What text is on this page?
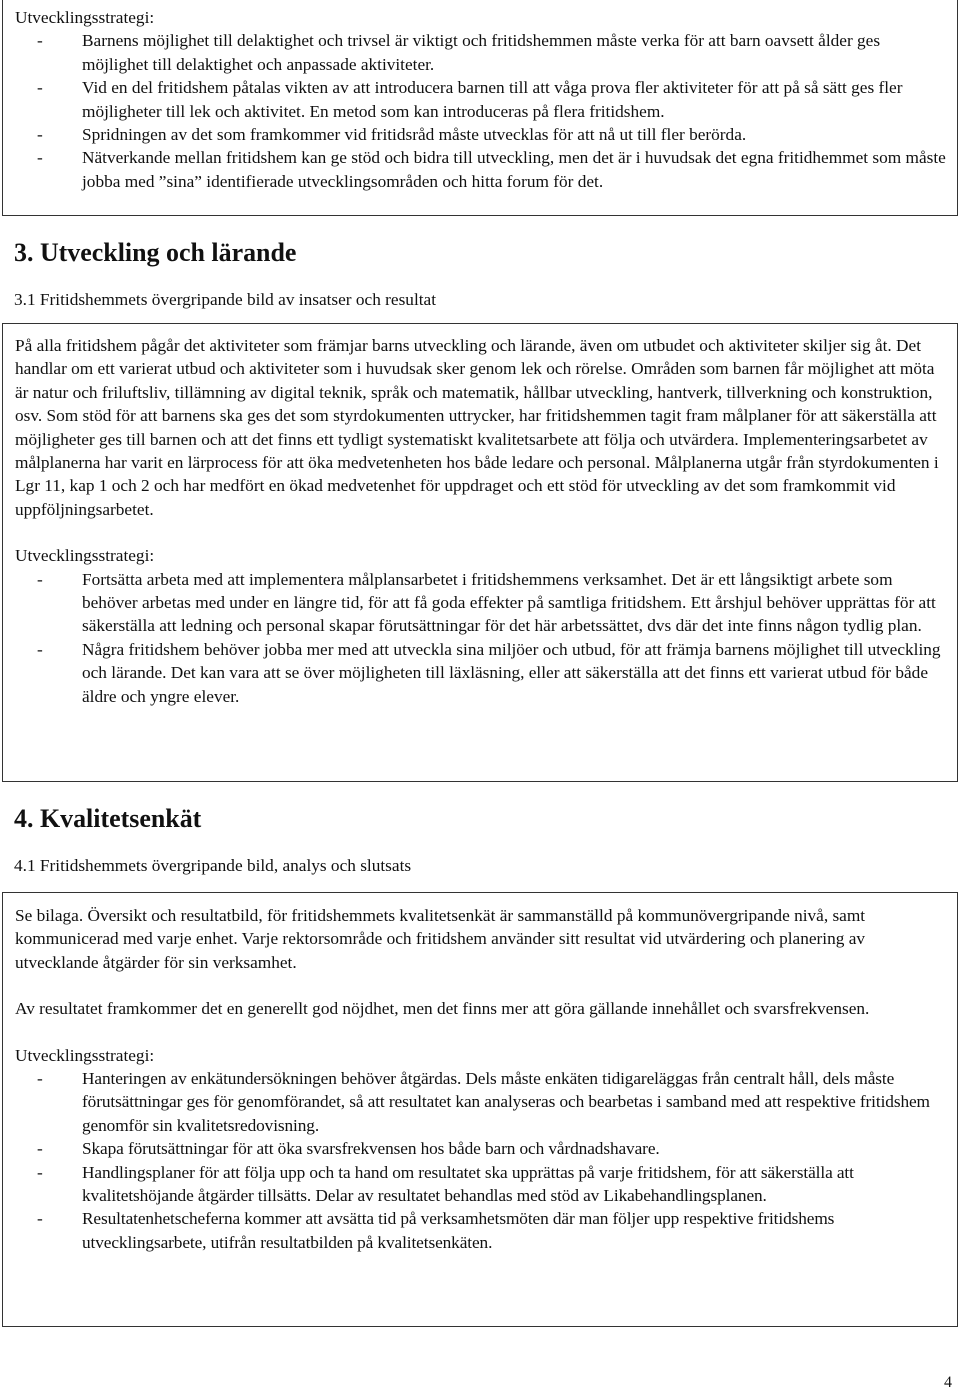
Utvecklingsstrategi:

- Barnens möjlighet till delaktighet och trivsel är viktigt och fritidshemmen måste verka för att barn oavsett ålder ges möjlighet till delaktighet och anpassade aktiviteter.
- Vid en del fritidshem påtalas vikten av att introducera barnen till att våga prova fler aktiviteter för att på så sätt ges fler möjligheter till lek och aktivitet. En metod som kan introduceras på flera fritidshem.
- Spridningen av det som framkommer vid fritidsråd måste utvecklas för att nå ut till fler berörda.
- Nätverkande mellan fritidshem kan ge stöd och bidra till utveckling, men det är i huvudsak det egna fritidhemmet som måste jobba med ”sina” identifierade utvecklingsområden och hitta forum för det.
3. Utveckling och lärande

3.1 Fritidshemmets övergripande bild av insatser och resultat

På alla fritidshem pågår det aktiviteter som främjar barns utveckling och lärande, även om utbudet och aktiviteter skiljer sig åt. Det handlar om ett varierat utbud och aktiviteter som i huvudsak sker genom lek och rörelse. Områden som barnen får möjlighet att möta är natur och friluftsliv, tillämning av digital teknik, språk och matematik, hållbar utveckling, hantverk, tillverkning och konstruktion, osv. Som stöd för att barnens ska ges det som styrdokumenten uttrycker, har fritidshemmen tagit fram målplaner för att säkerställa att möjligheter ges till barnen och att det finns ett tydligt systematiskt kvalitetsarbete att följa och utvärdera. Implementeringsarbetet av målplanerna har varit en lärprocess för att öka medvetenheten hos både ledare och personal. Målplanerna utgår från styrdokumenten i Lgr 11, kap 1 och 2 och har medfört en ökad medvetenhet för uppdraget och ett stöd för utveckling av det som framkommit vid uppföljningsarbetet.

Utvecklingsstrategi:

- Fortsätta arbeta med att implementera målplansarbetet i fritidshemmens verksamhet. Det är ett långsiktigt arbete som behöver arbetas med under en längre tid, för att få goda effekter på samtliga fritidshem. Ett årshjul behöver upprättas för att säkerställa att ledning och personal skapar förutsättningar för det här arbetssättet, dvs där det inte finns någon tydlig plan.
- Några fritidshem behöver jobba mer med att utveckla sina miljöer och utbud, för att främja barnens möjlighet till utveckling och lärande. Det kan vara att se över möjligheten till läxläsning, eller att säkerställa att det finns ett varierat utbud för både äldre och yngre elever.
4. Kvalitetsenkät

4.1 Fritidshemmets övergripande bild, analys och slutsats

Se bilaga. Översikt och resultatbild, för fritidshemmets kvalitetsenkät är sammanställd på kommunövergripande nivå, samt kommunicerad med varje enhet. Varje rektorsområde och fritidshem använder sitt resultat vid utvärdering och planering av utvecklande åtgärder för sin verksamhet.

Av resultatet framkommer det en generellt god nöjdhet, men det finns mer att göra gällande innehållet och svarsfrekvensen.

Utvecklingsstrategi:

- Hanteringen av enkätundersökningen behöver åtgärdas. Dels måste enkäten tidigareläggas från centralt håll, dels måste förutsättningar ges för genomförandet, så att resultatet kan analyseras och bearbetas i samband med att respektive fritidshem genomför sin kvalitetsredovisning.
- Skapa förutsättningar för att öka svarsfrekvensen hos både barn och vårdnadshavare.
- Handlingsplaner för att följa upp och ta hand om resultatet ska upprättas på varje fritidshem, för att säkerställa att kvalitetshöjande åtgärder tillsätts. Delar av resultatet behandlas med stöd av Likabehandlingsplanen.
- Resultatenhetscheferna kommer att avsätta tid på verksamhetsmöten där man följer upp respektive fritidshems utvecklingsarbete, utifrån resultatbilden på kvalitetsenkäten.
4
